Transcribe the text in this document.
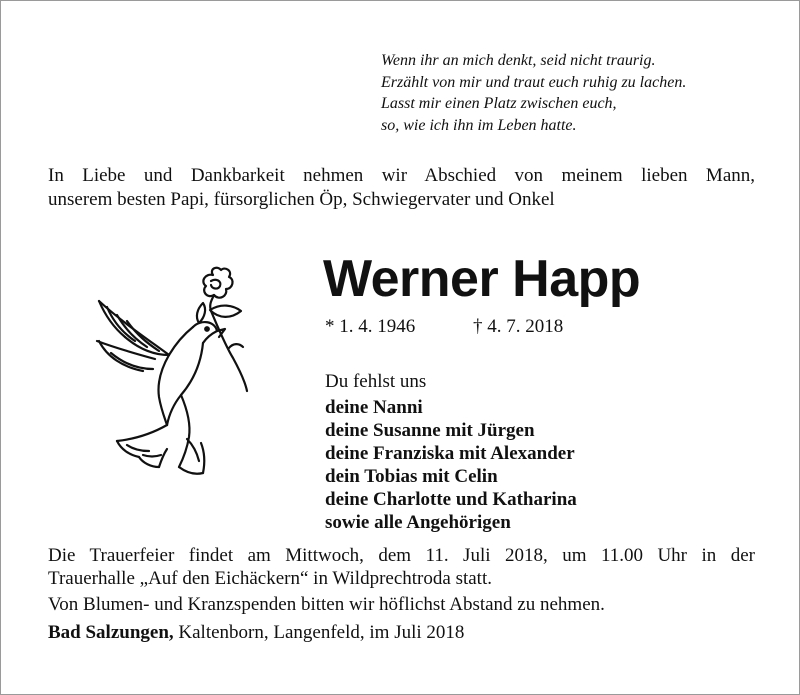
Wenn ihr an mich denkt, seid nicht traurig.
Erzählt von mir und traut euch ruhig zu lachen.
Lasst mir einen Platz zwischen euch,
so, wie ich ihn im Leben hatte.
In Liebe und Dankbarkeit nehmen wir Abschied von meinem lieben Mann,
unserem besten Papi, fürsorglichen Öp, Schwiegervater und Onkel
Werner Happ
* 1. 4. 1946	† 4. 7. 2018
Du fehlst uns
deine Nanni
deine Susanne mit Jürgen
deine Franziska mit Alexander
dein Tobias mit Celin
deine Charlotte und Katharina
sowie alle Angehörigen
Die Trauerfeier findet am Mittwoch, dem 11. Juli 2018, um 11.00 Uhr in der
Trauerhalle „Auf den Eichäckern“ in Wildprechtroda statt.
Von Blumen- und Kranzspenden bitten wir höflichst Abstand zu nehmen.
Bad Salzungen, Kaltenborn, Langenfeld, im Juli 2018
